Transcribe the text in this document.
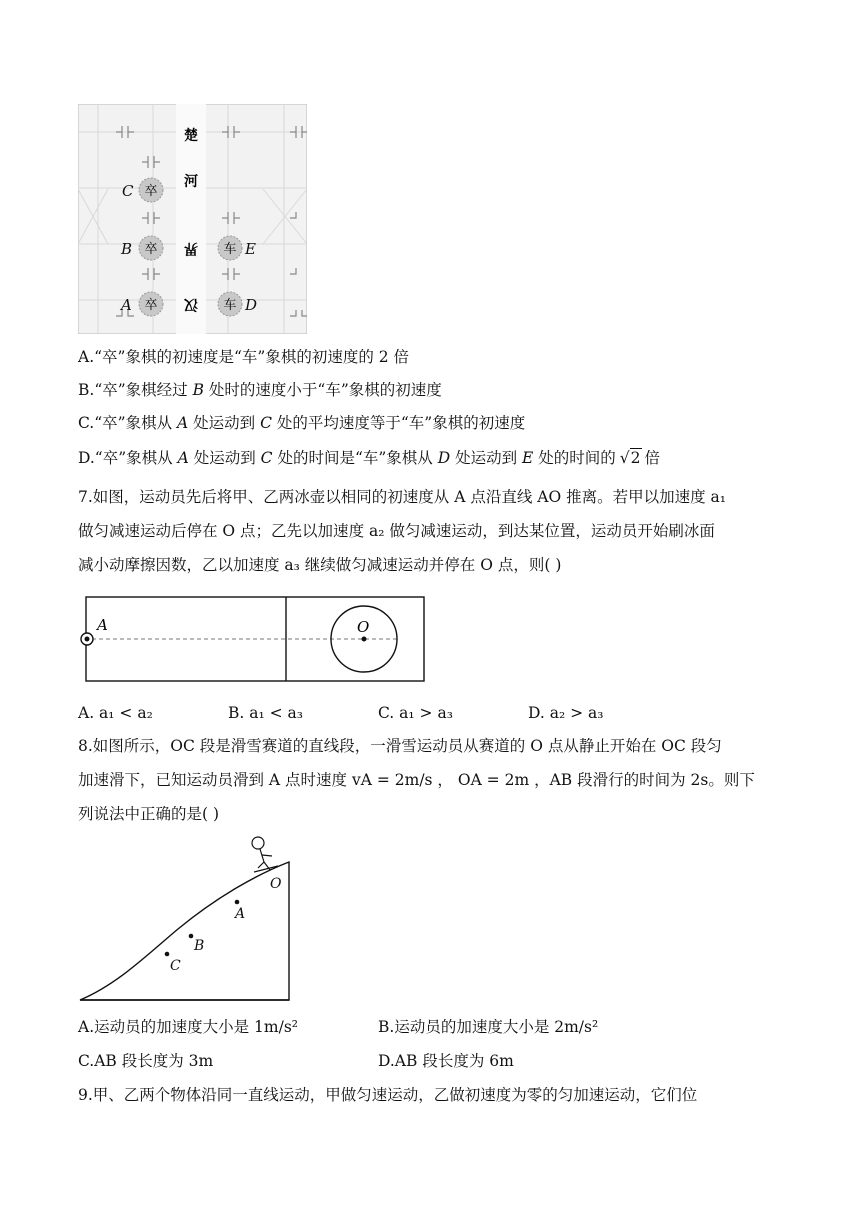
楚
河
界
汉
卒
卒
卒
车
车
C
B
A
E
D
A.“卒”象棋的初速度是“车”象棋的初速度的 2 倍
B.“卒”象棋经过 B 处时的速度小于“车”象棋的初速度
C.“卒”象棋从 A 处运动到 C 处的平均速度等于“车”象棋的初速度
D.“卒”象棋从 A 处运动到 C 处的时间是“车”象棋从 D 处运动到 E 处的时间的 √2 倍
7.如图，运动员先后将甲、乙两冰壶以相同的初速度从 A 点沿直线 AO 推离。若甲以加速度 a₁
做匀减速运动后停在 O 点；乙先以加速度 a₂ 做匀减速运动，到达某位置，运动员开始刷冰面
减小动摩擦因数，乙以加速度 a₃ 继续做匀减速运动并停在 O 点，则( )
A	O
A. a₁ < a₂	B. a₁ < a₃	C. a₁ > a₃	D. a₂ > a₃
8.如图所示，OC 段是滑雪赛道的直线段，一滑雪运动员从赛道的 O 点从静止开始在 OC 段匀
加速滑下，已知运动员滑到 A 点时速度 vA = 2m/s ， OA = 2m ，AB 段滑行的时间为 2s。则下
列说法中正确的是( )
O
A
B
C
A.运动员的加速度大小是 1m/s²	B.运动员的加速度大小是 2m/s²
C.AB 段长度为 3m	D.AB 段长度为 6m
9.甲、乙两个物体沿同一直线运动，甲做匀速运动，乙做初速度为零的匀加速运动，它们位
